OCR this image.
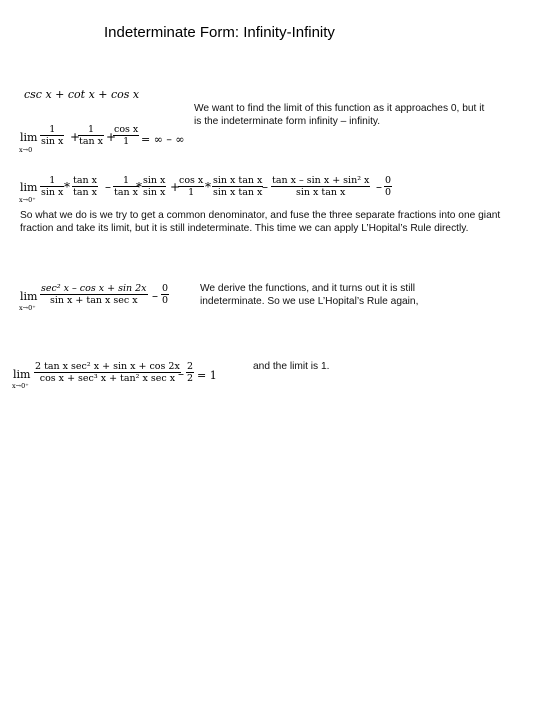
Indeterminate Form: Infinity-Infinity
csc x + cot x + cos x
We want to find the limit of this function as it approaches 0, but it is the indeterminate form infinity – infinity.
lim
x→0
$\frac{1}{\text{sin x}}$ +
$\frac{1}{\text{tan x}}$ +
$\frac{\text{cos x}}{1}$ = ∞ – ∞
lim
x→0⁺
$\frac{1}{\text{sin x}} * \frac{\text{tan x}}{\text{tan x}} - \frac{1}{\text{tan x}}$
* $\frac{\text{sin x}}{\text{sin x}}$ +
$\frac{\text{cos x}}{1} * \frac{\text{sin x tan x}}{\text{sin x tan x}}$
– $\frac{\text{tan x – sin x + sin² x}}{\text{sin x tan x}} - \frac{0}{0}$
So what we do is we try to get a common denominator, and fuse the three separate fractions into one giant fraction and take its limit, but it is still indeterminate. This time we can apply L’Hopital’s Rule directly.
lim
x→0⁺
sec² x – cos x + sin 2x
sin x + tan x sec x	– $\frac{0}{0}$	We derive the functions, and it turns out it is still indeterminate. So we use L’Hopital’s Rule again,
lim
x→0⁺
2 tan x sec² x + sin x + cos 2x
cos x + sec³ x + tan² x $\sec x - \frac{2}{2} = 1$
and the limit is 1.
